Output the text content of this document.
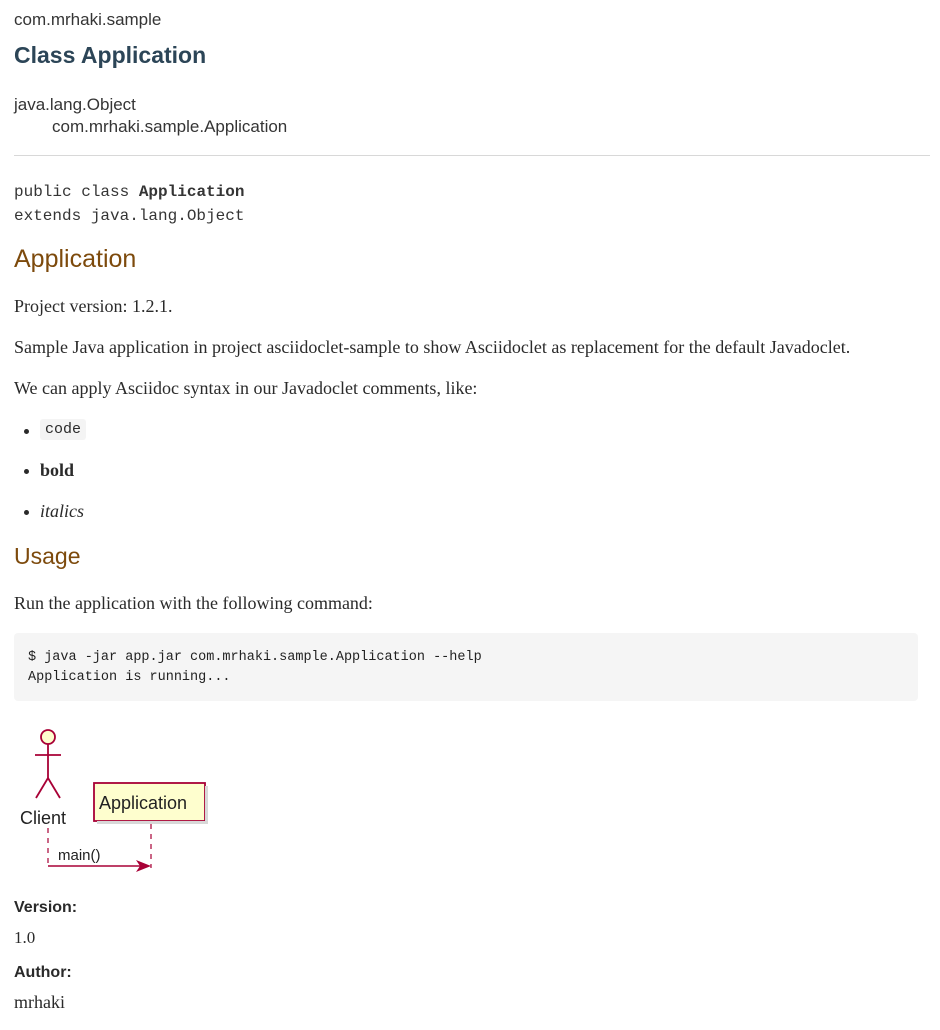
com.mrhaki.sample
Class Application
java.lang.Object
com.mrhaki.sample.Application
public class Application
extends java.lang.Object
Application
Project version: 1.2.1.
Sample Java application in project asciidoclet-sample to show Asciidoclet as replacement for the default Javadoclet.
We can apply Asciidoc syntax in our Javadoclet comments, like:
code
bold
italics
Usage
Run the application with the following command:
$ java -jar app.jar com.mrhaki.sample.Application --help
Application is running...
Client
Application
main()
Version:
1.0
Author:
mrhaki
